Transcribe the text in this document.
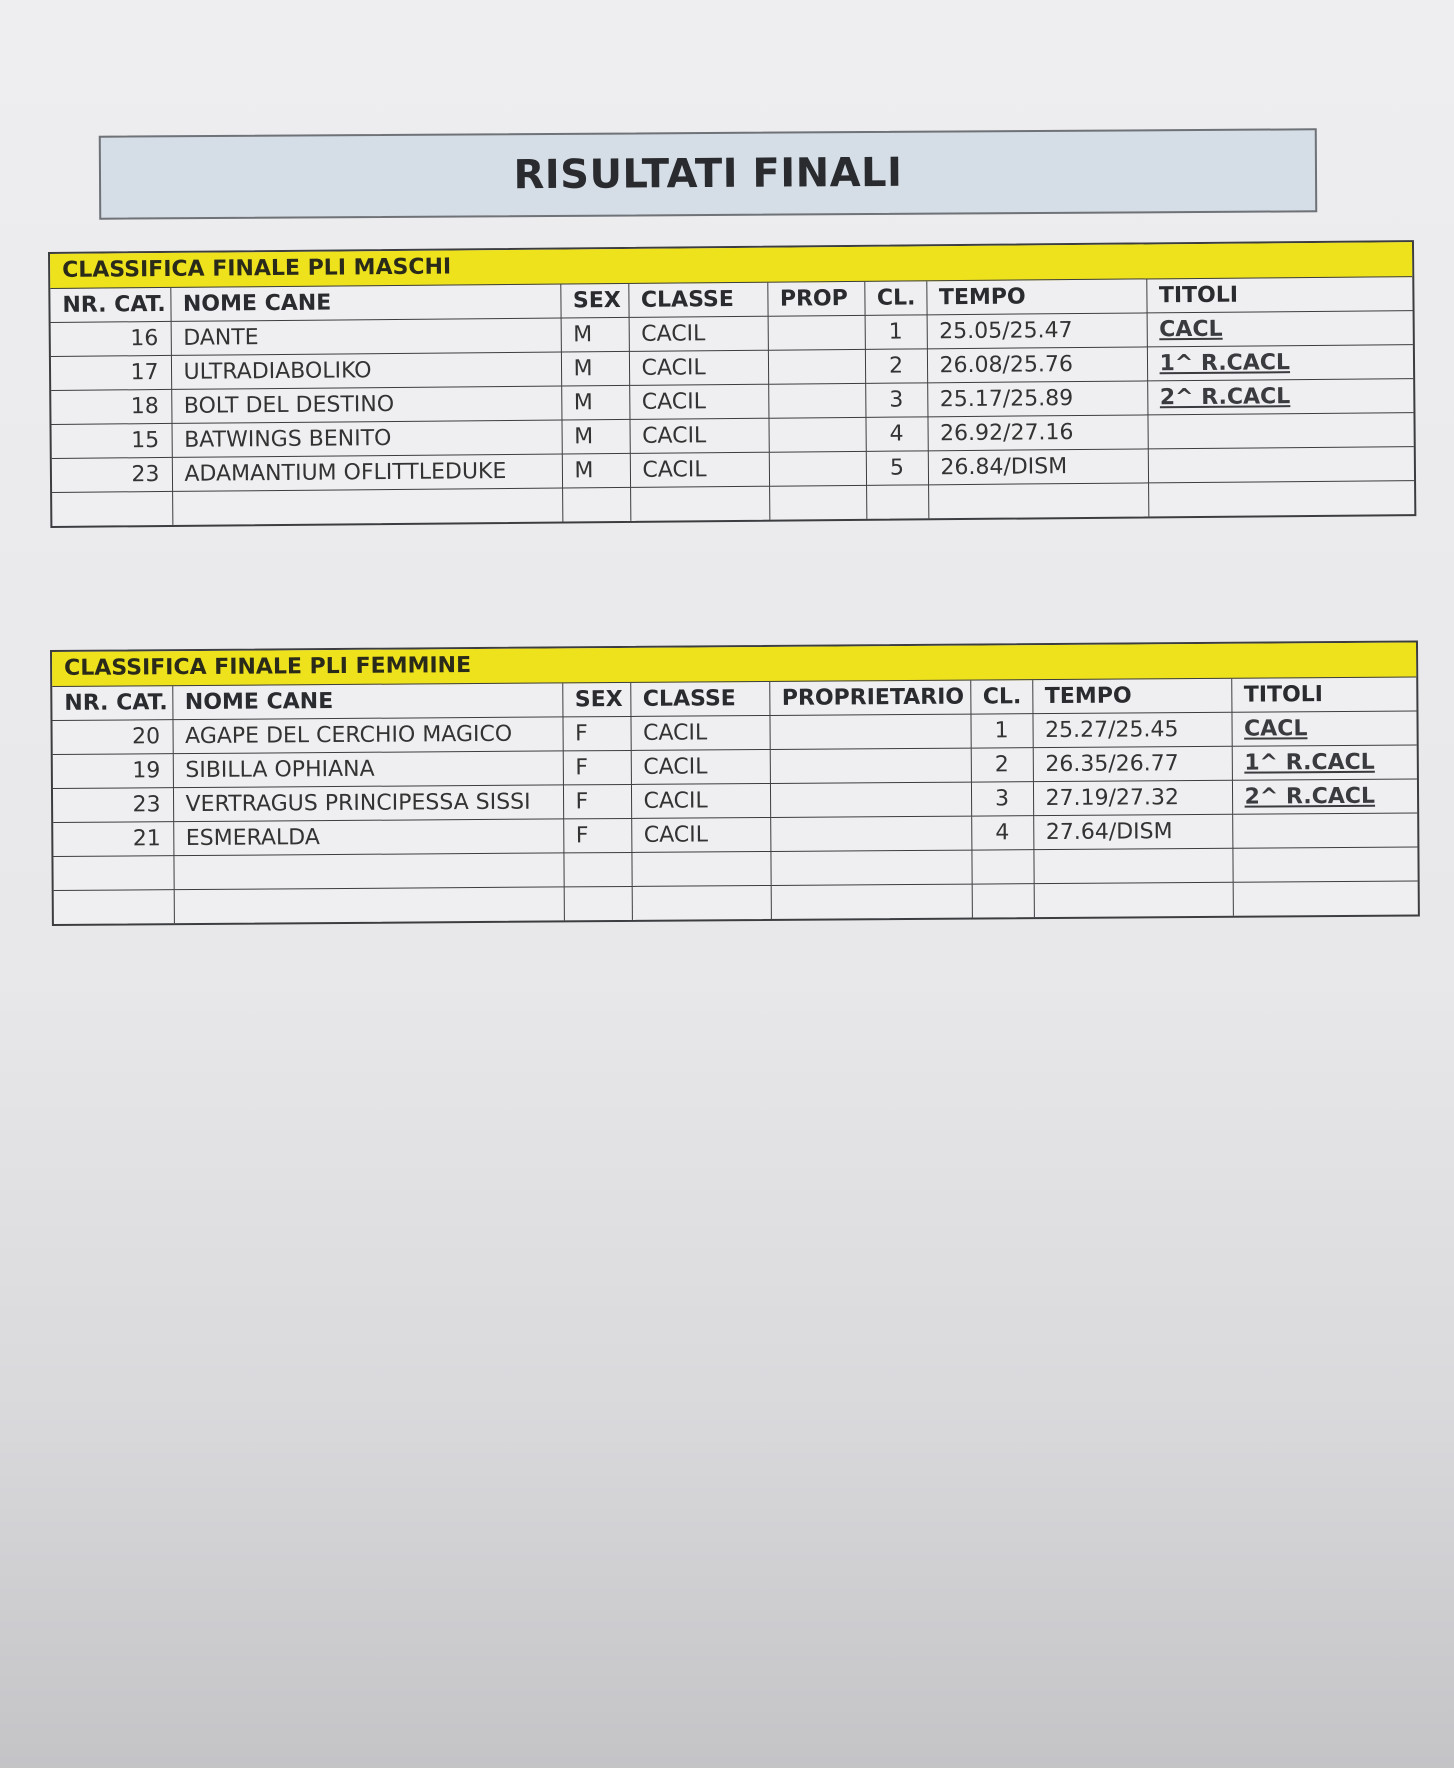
RISULTATI FINALI
CLASSIFICA FINALE PLI MASCHI
NR. CAT.	NOME CANE	SEX	CLASSE	PROP	CL.	TEMPO	TITOLI
16	DANTE	M	CACIL		1	25.05/25.47	CACL
17	ULTRADIABOLIKO	M	CACIL		2	26.08/25.76	1^ R.CACL
18	BOLT DEL DESTINO	M	CACIL		3	25.17/25.89	2^ R.CACL
15	BATWINGS BENITO	M	CACIL		4	26.92/27.16	
23	ADAMANTIUM OFLITTLEDUKE	M	CACIL		5	26.84/DISM	

CLASSIFICA FINALE PLI FEMMINE
NR. CAT.	NOME CANE	SEX	CLASSE	PROPRIETARIO	CL.	TEMPO	TITOLI
20	AGAPE DEL CERCHIO MAGICO	F	CACIL		1	25.27/25.45	CACL
19	SIBILLA OPHIANA	F	CACIL		2	26.35/26.77	1^ R.CACL
23	VERTRAGUS PRINCIPESSA SISSI	F	CACIL		3	27.19/27.32	2^ R.CACL
21	ESMERALDA	F	CACIL		4	27.64/DISM	
